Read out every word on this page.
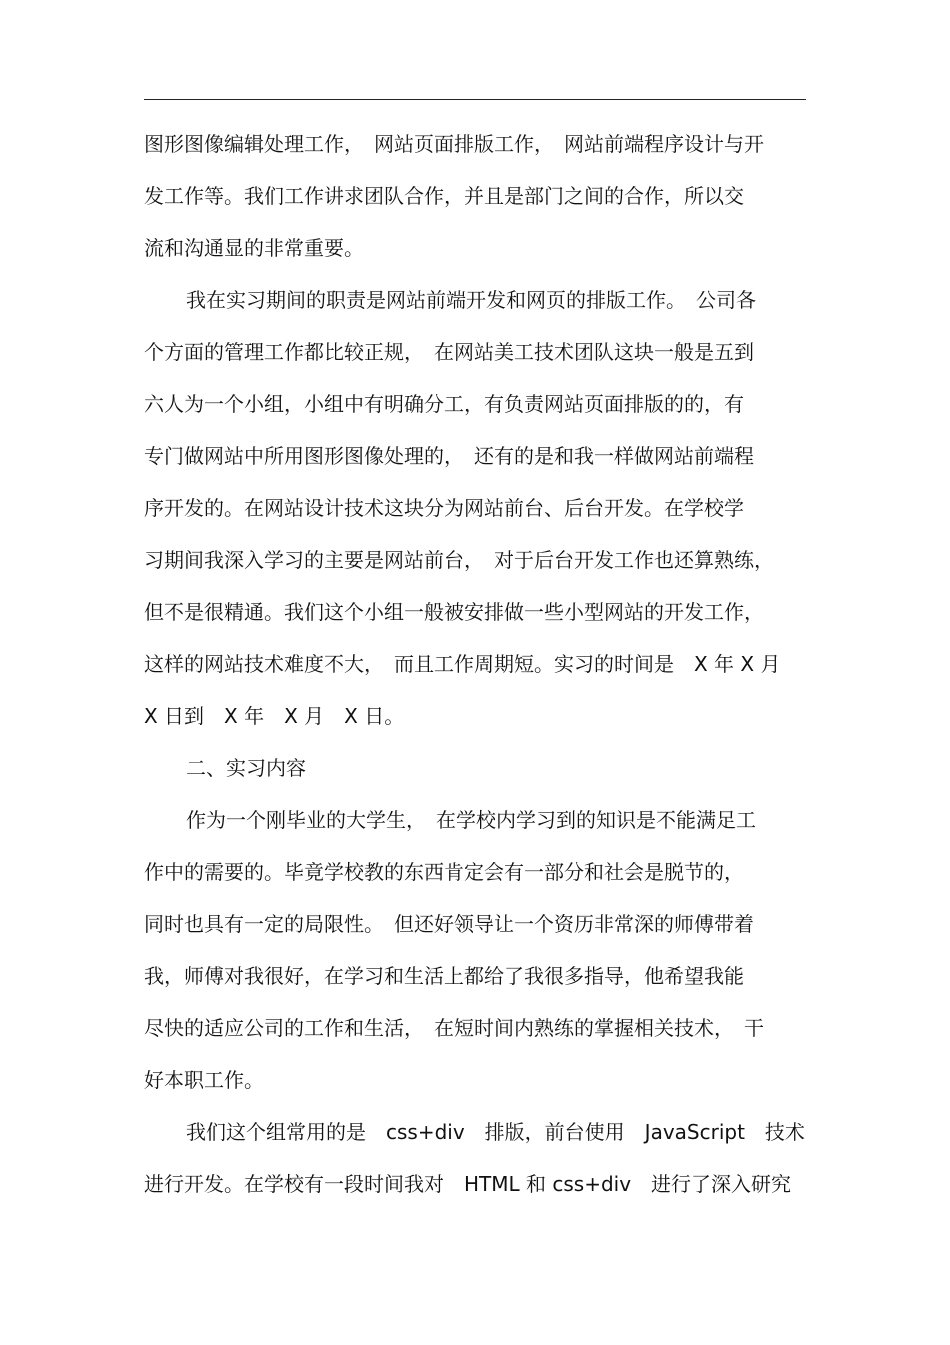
图形图像编辑处理工作，　网站页面排版工作，　网站前端程序设计与开
发工作等。我们工作讲求团队合作，并且是部门之间的合作，所以交
流和沟通显的非常重要。
我在实习期间的职责是网站前端开发和网页的排版工作。　公司各
个方面的管理工作都比较正规，　在网站美工技术团队这块一般是五到
六人为一个小组，小组中有明确分工，有负责网站页面排版的的，有
专门做网站中所用图形图像处理的，　还有的是和我一样做网站前端程
序开发的。在网站设计技术这块分为网站前台、后台开发。在学校学
习期间我深入学习的主要是网站前台，　对于后台开发工作也还算熟练，
但不是很精通。我们这个小组一般被安排做一些小型网站的开发工作，
这样的网站技术难度不大，　而且工作周期短。实习的时间是　X 年 X 月
X 日到　X 年　X 月　X 日。
二、实习内容
作为一个刚毕业的大学生，　在学校内学习到的知识是不能满足工
作中的需要的。毕竟学校教的东西肯定会有一部分和社会是脱节的，
同时也具有一定的局限性。　但还好领导让一个资历非常深的师傅带着
我，师傅对我很好，在学习和生活上都给了我很多指导，他希望我能
尽快的适应公司的工作和生活，　在短时间内熟练的掌握相关技术，　干
好本职工作。
我们这个组常用的是　css+div　排版，前台使用　JavaScript　技术
进行开发。在学校有一段时间我对　HTML 和 css+div　进行了深入研究
